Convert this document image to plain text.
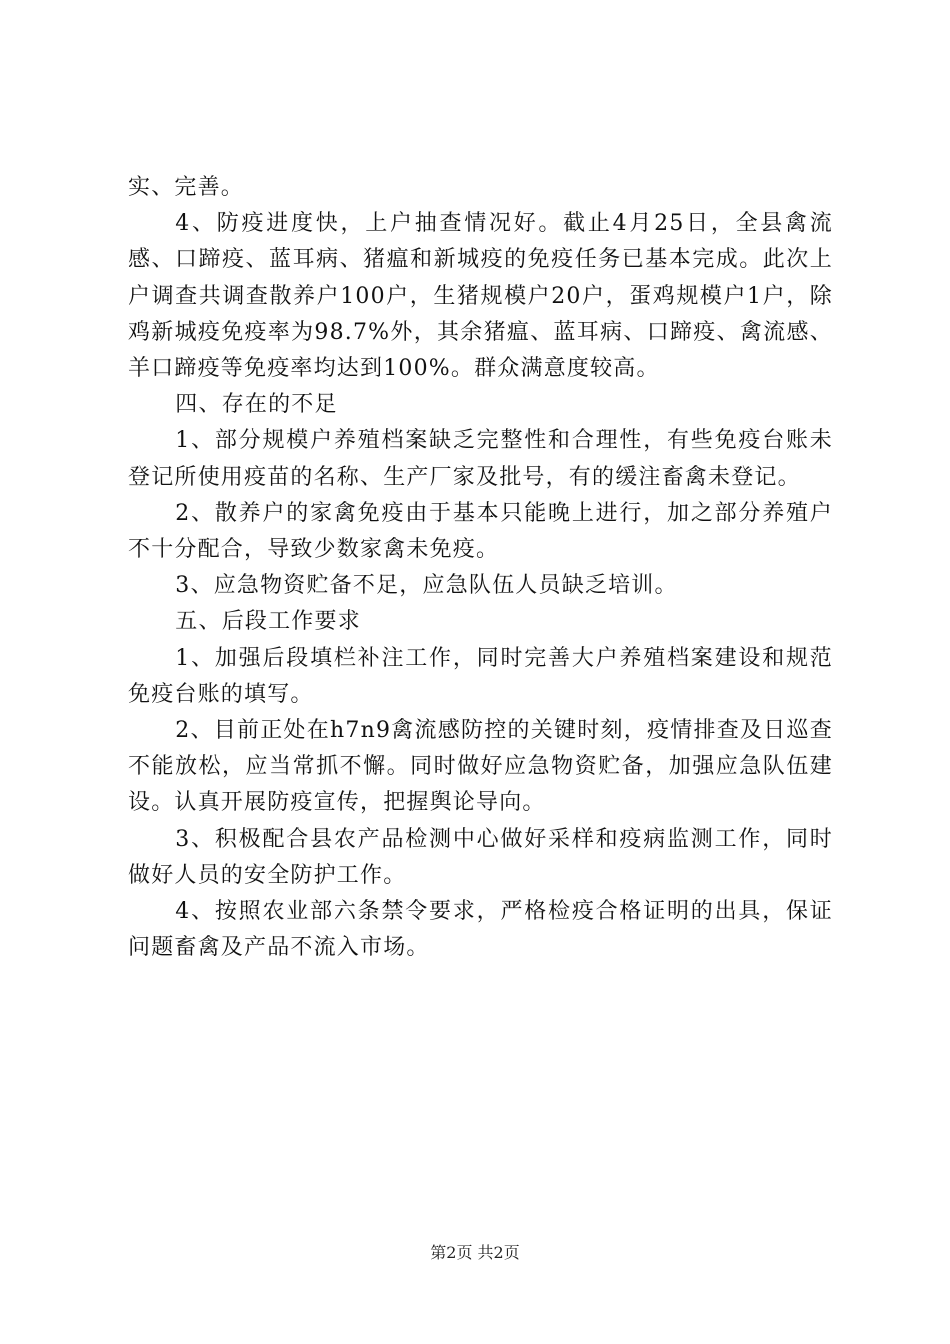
实、完善。

4、防疫进度快，上户抽查情况好。截止4月25日，全县禽流感、口蹄疫、蓝耳病、猪瘟和新城疫的免疫任务已基本完成。此次上户调查共调查散养户100户，生猪规模户20户，蛋鸡规模户1户，除鸡新城疫免疫率为98.7%外，其余猪瘟、蓝耳病、口蹄疫、禽流感、羊口蹄疫等免疫率均达到100%。群众满意度较高。

四、存在的不足

1、部分规模户养殖档案缺乏完整性和合理性，有些免疫台账未登记所使用疫苗的名称、生产厂家及批号，有的缓注畜禽未登记。

2、散养户的家禽免疫由于基本只能晚上进行，加之部分养殖户不十分配合，导致少数家禽未免疫。

3、应急物资贮备不足，应急队伍人员缺乏培训。

五、后段工作要求

1、加强后段填栏补注工作，同时完善大户养殖档案建设和规范免疫台账的填写。

2、目前正处在h7n9禽流感防控的关键时刻，疫情排查及日巡查不能放松，应当常抓不懈。同时做好应急物资贮备，加强应急队伍建设。认真开展防疫宣传，把握舆论导向。

3、积极配合县农产品检测中心做好采样和疫病监测工作，同时做好人员的安全防护工作。

4、按照农业部六条禁令要求，严格检疫合格证明的出具，保证问题畜禽及产品不流入市场。

第2页 共2页
